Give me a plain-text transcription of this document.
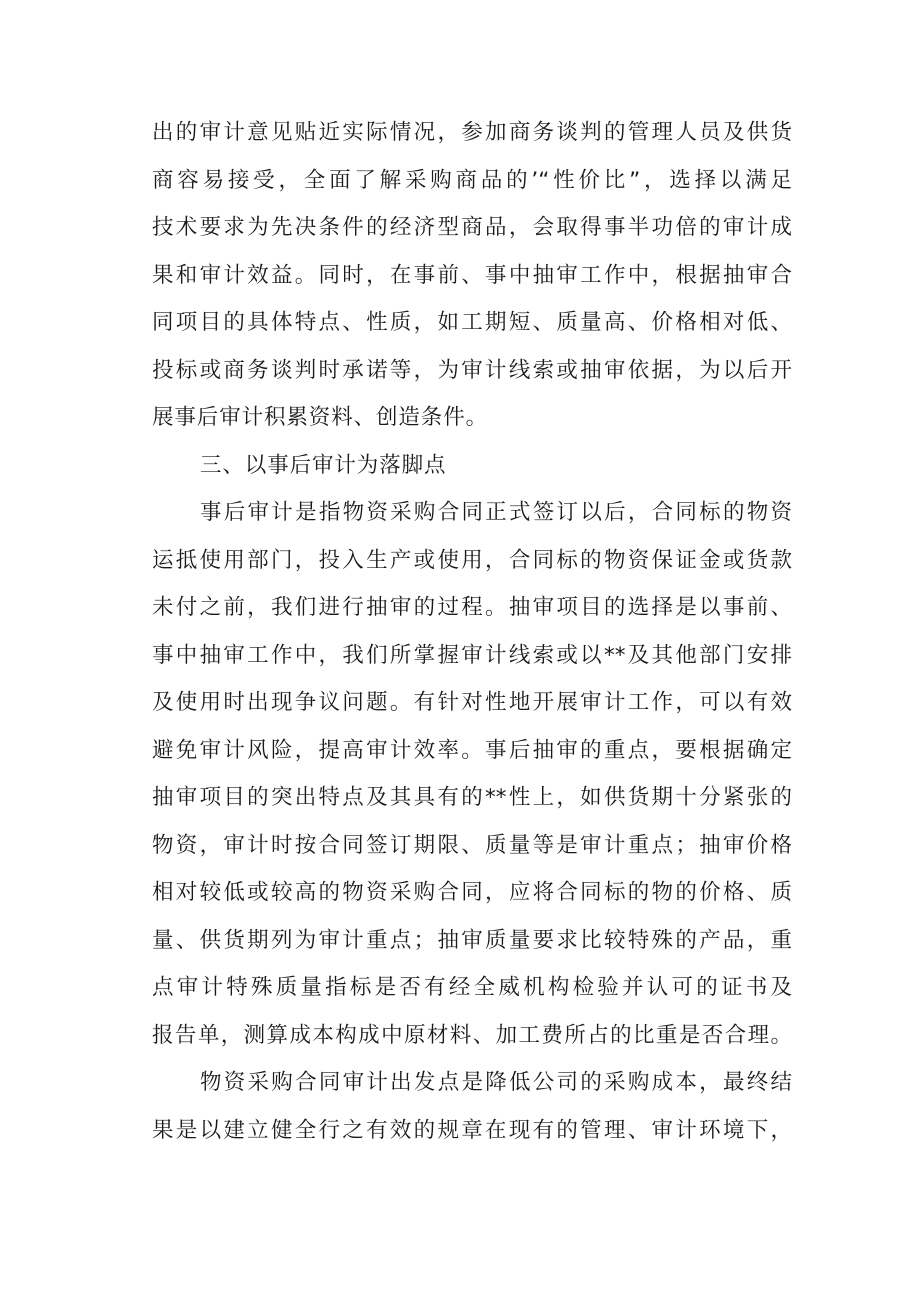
出的审计意见贴近实际情况，参加商务谈判的管理人员及供货

商容易接受，全面了解采购商品的’“性价比”，选择以满足

技术要求为先决条件的经济型商品，会取得事半功倍的审计成

果和审计效益。同时，在事前、事中抽审工作中，根据抽审合

同项目的具体特点、性质，如工期短、质量高、价格相对低、

投标或商务谈判时承诺等，为审计线索或抽审依据，为以后开

展事后审计积累资料、创造条件。

三、以事后审计为落脚点

事后审计是指物资采购合同正式签订以后，合同标的物资

运抵使用部门，投入生产或使用，合同标的物资保证金或货款

未付之前，我们进行抽审的过程。抽审项目的选择是以事前、

事中抽审工作中，我们所掌握审计线索或以**及其他部门安排

及使用时出现争议问题。有针对性地开展审计工作，可以有效

避免审计风险，提高审计效率。事后抽审的重点，要根据确定

抽审项目的突出特点及其具有的**性上，如供货期十分紧张的

物资，审计时按合同签订期限、质量等是审计重点；抽审价格

相对较低或较高的物资采购合同，应将合同标的物的价格、质

量、供货期列为审计重点；抽审质量要求比较特殊的产品，重

点审计特殊质量指标是否有经全威机构检验并认可的证书及

报告单，测算成本构成中原材料、加工费所占的比重是否合理。

物资采购合同审计出发点是降低公司的采购成本，最终结

果是以建立健全行之有效的规章在现有的管理、审计环境下，
